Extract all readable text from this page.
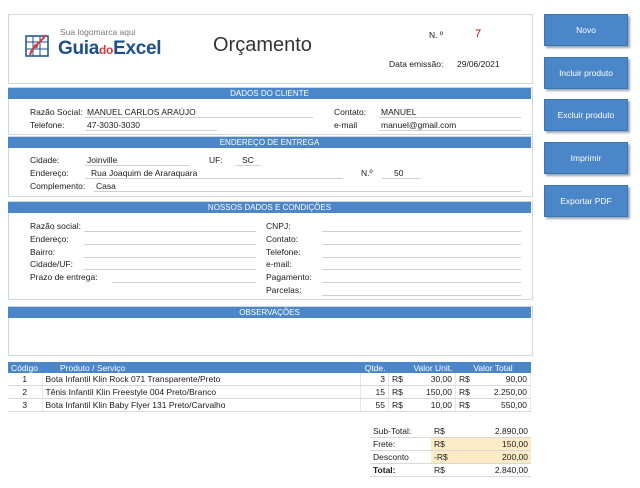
Sua logomarca aqui
GuiadoExcel	Orçamento	N. º	7
Data emissão: 29/06/2021
DADOS DO CLIENTE
Razão Social: MANUEL CARLOS ARAÚJO
Telefone:	47-3030-3030
Contato: MANUEL
e-mail	manuel@gmail.com
ENDEREÇO DE ENTREGA
Cidade:	Joinville	UF: SC
Endereço:	Rua Joaquim de Araraquara	N.º	50
Complemento: Casa
NOSSOS DADOS E CONDIÇÕES
Razão social:
Endereço:
Bairro:
Cidade/UF:
Prazo de entrega:
CNPJ:
Contato:
Telefone:
e-mail:
Pagamento:
Parcelas:
OBSERVAÇÕES
Código	Produto / Serviço	Qtde.	Valor Unit.		Valor Total	
1	Bota Infantil Klin Rock 071 Transparente/Preto	3	R$	30,00	R$	90,00
2	Tênis Infantil Klin Freestyle 004 Preto/Branco	15	R$	150,00	R$	2.250,00
3	Bota Infantil Klin Baby Flyer 131 Preto/Carvalho	55	R$	10,00	R$	550,00
Sub-Total:	R$	2.890,00
Frete:	R$	150,00
Desconto	-R$	200,00
Total:	R$	2.840,00
Novo
Incluir produto
Excluir produto
Imprimir
Exportar PDF
